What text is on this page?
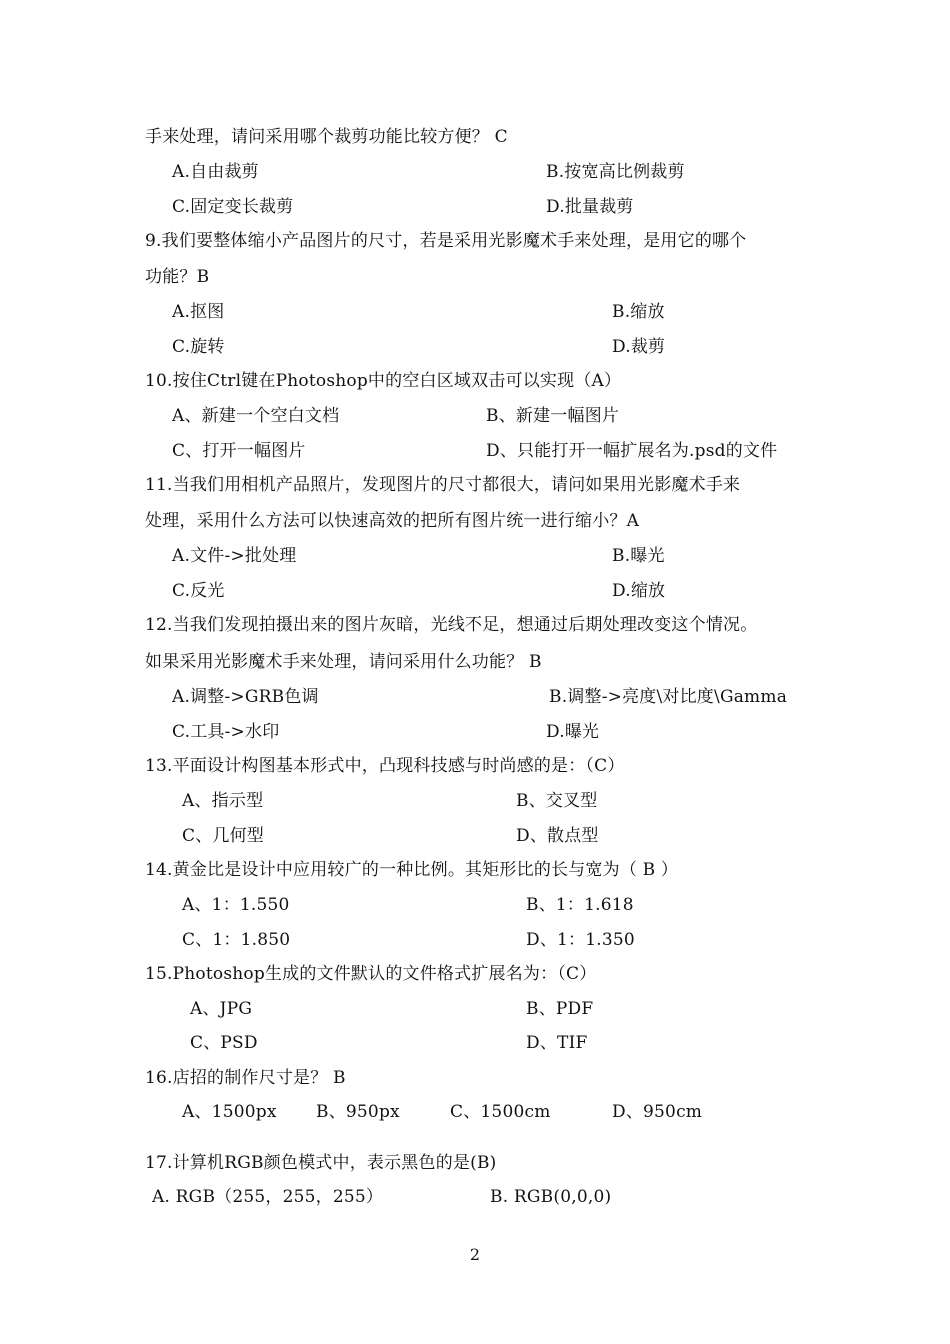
手来处理，请问采用哪个裁剪功能比较方便？ C
A.自由裁剪	B.按宽高比例裁剪
C.固定变长裁剪	D.批量裁剪
9.我们要整体缩小产品图片的尺寸，若是采用光影魔术手来处理，是用它的哪个
功能？B
A.抠图	B.缩放
C.旋转	D.裁剪
10.按住Ctrl键在Photoshop中的空白区域双击可以实现（A）
A、新建一个空白文档	B、新建一幅图片
C、打开一幅图片	D、只能打开一幅扩展名为.psd的文件
11.当我们用相机产品照片，发现图片的尺寸都很大，请问如果用光影魔术手来
处理，采用什么方法可以快速高效的把所有图片统一进行缩小？A
A.文件->批处理	B.曝光
C.反光	D.缩放
12.当我们发现拍摄出来的图片灰暗，光线不足，想通过后期处理改变这个情况。
如果采用光影魔术手来处理，请问采用什么功能？ B
A.调整->GRB色调	B.调整->亮度\对比度\Gamma
C.工具->水印	D.曝光
13.平面设计构图基本形式中，凸现科技感与时尚感的是：（C）
A、指示型	B、交叉型
C、几何型	D、散点型
14.黄金比是设计中应用较广的一种比例。其矩形比的长与宽为（ B ）
A、1：1.550	B、1：1.618
C、1：1.850	D、1：1.350
15.Photoshop生成的文件默认的文件格式扩展名为：（C）
A、JPG	B、PDF
C、PSD	D、TIF
16.店招的制作尺寸是？ B
A、1500px B、950px	C、1500cm	D、950cm
17.计算机RGB颜色模式中，表示黑色的是(B)
A. RGB（255，255，255）	B. RGB(0,0,0)
2
